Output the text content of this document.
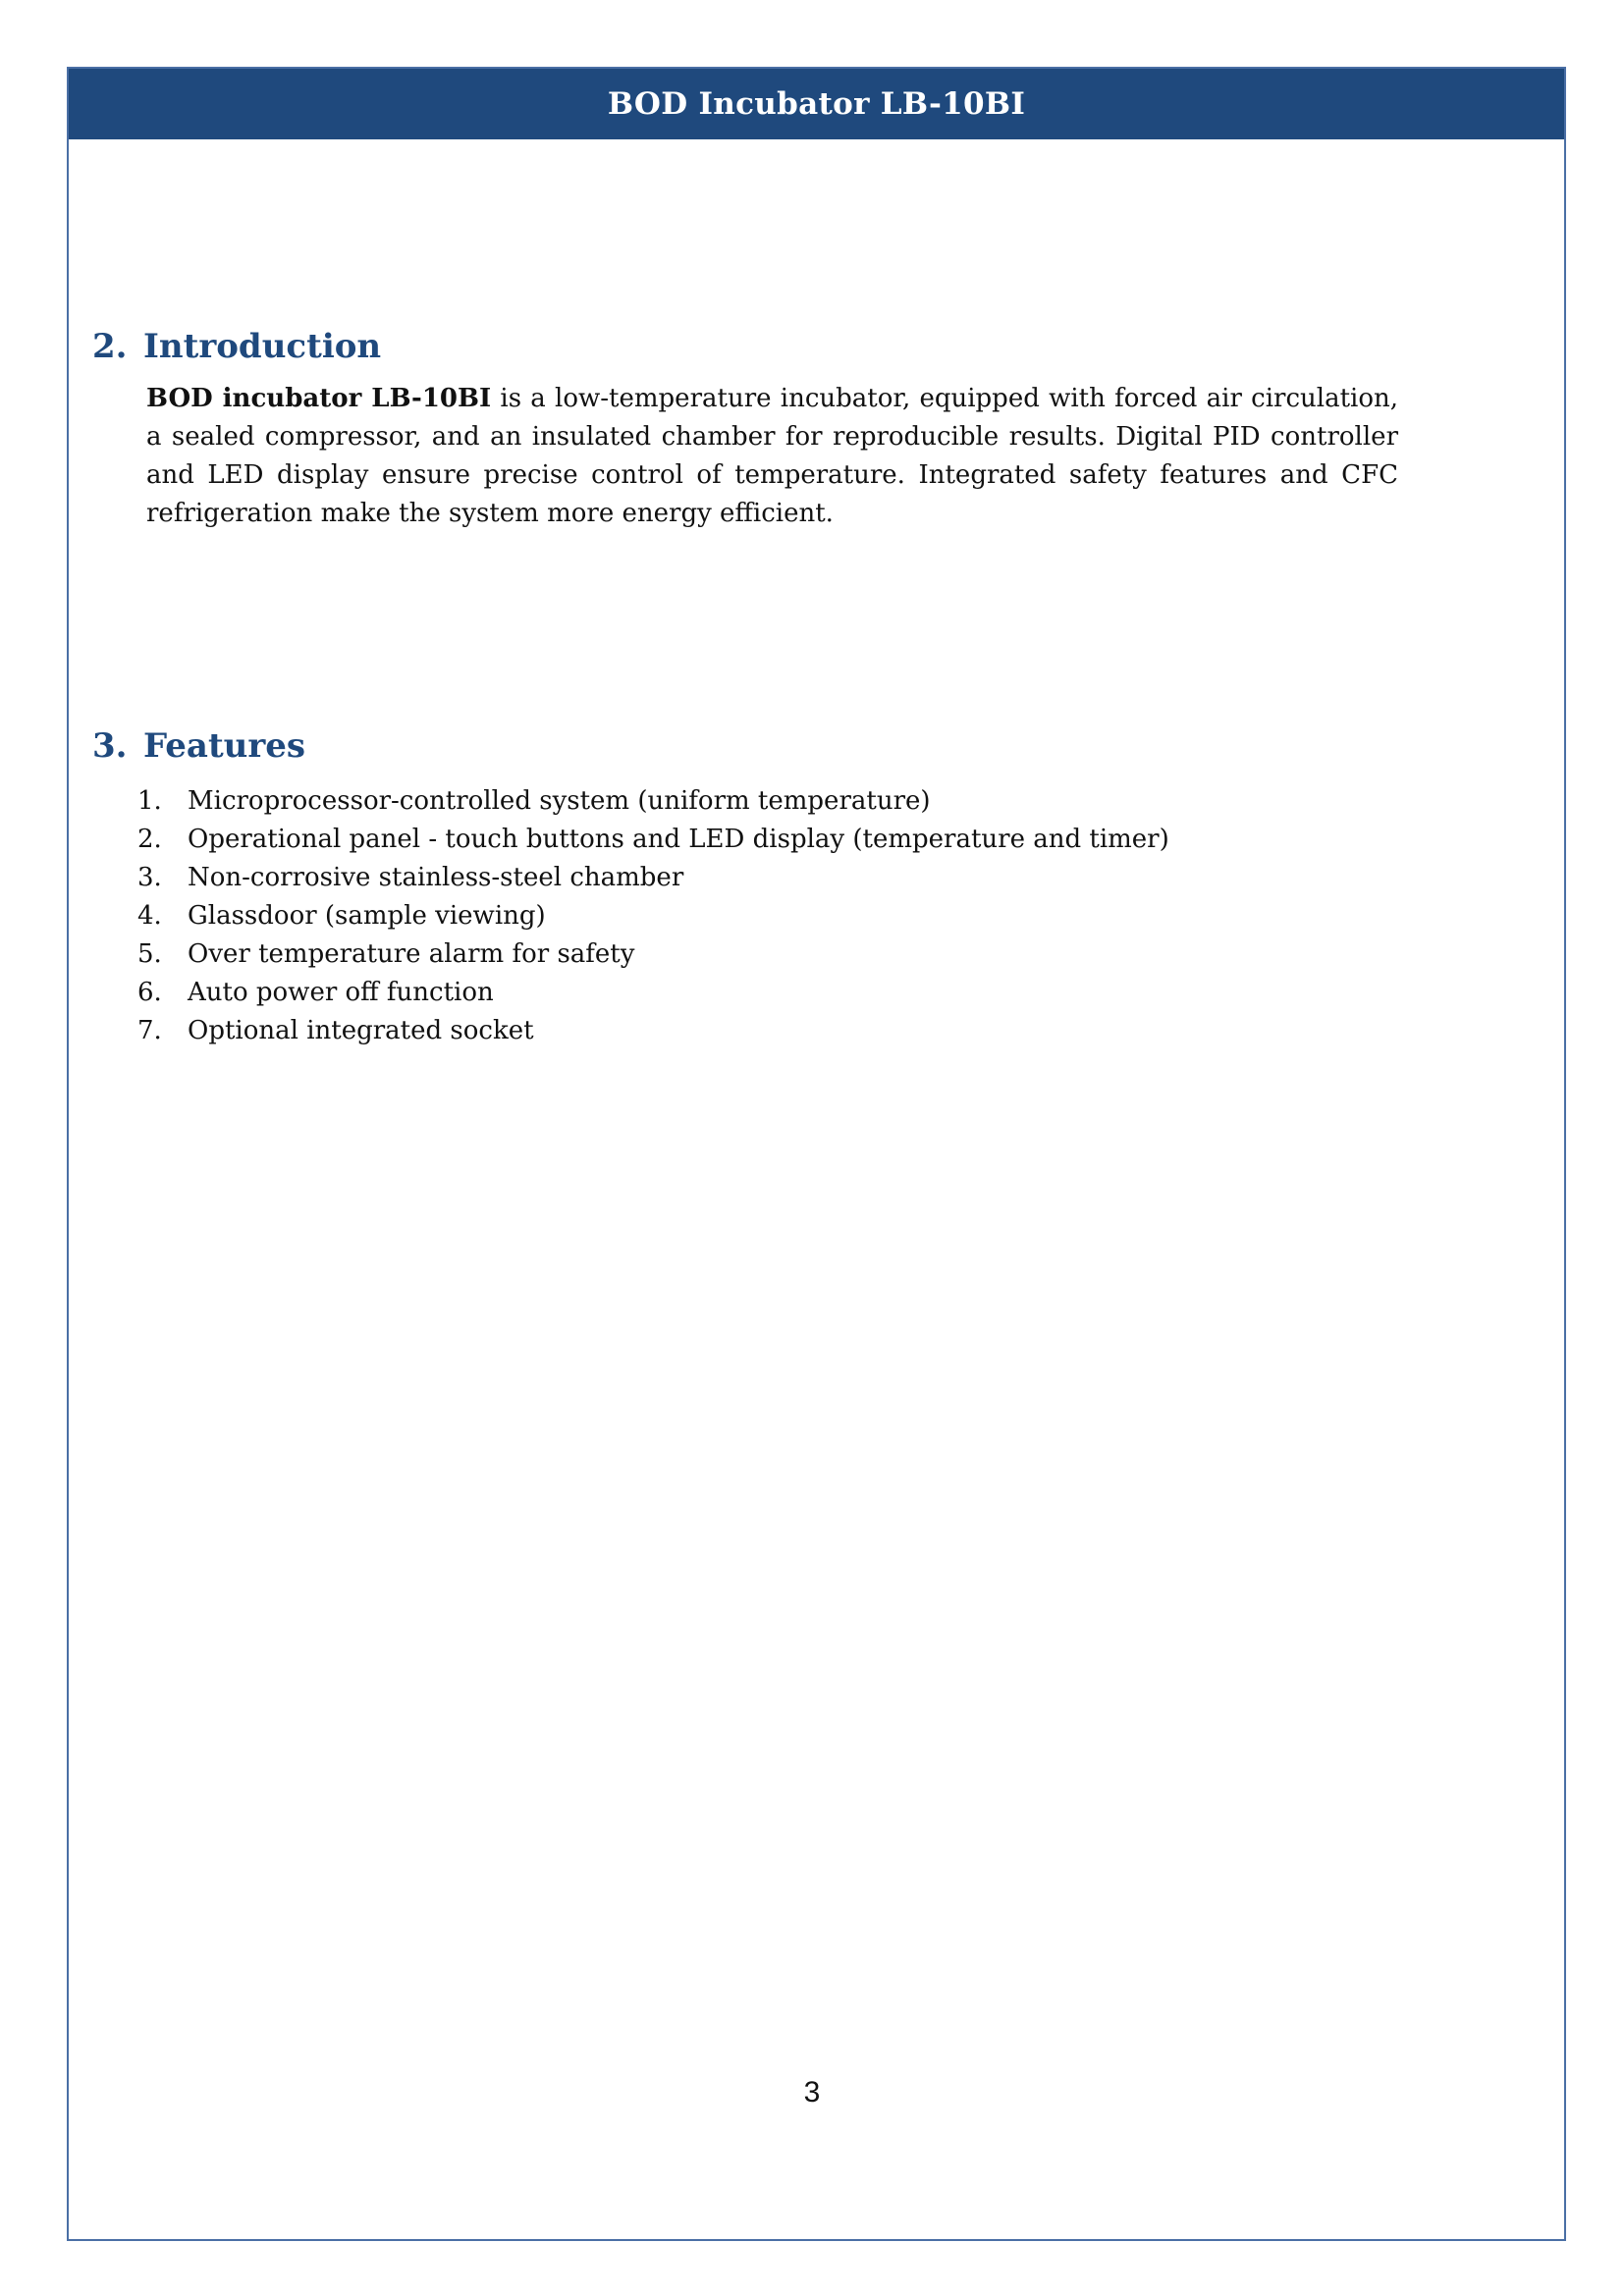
BOD Incubator LB-10BI
2. Introduction

BOD incubator LB-10BI is a low-temperature incubator, equipped with forced air circulation, a sealed compressor, and an insulated chamber for reproducible results. Digital PID controller and LED display ensure precise control of temperature. Integrated safety features and CFC refrigeration make the system more energy efficient.

3. Features
1.	Microprocessor-controlled system (uniform temperature)
2.	Operational panel - touch buttons and LED display (temperature and timer)
3.	Non-corrosive stainless-steel chamber
4.	Glassdoor (sample viewing)
5.	Over temperature alarm for safety
6.	Auto power off function
7.	Optional integrated socket
3
